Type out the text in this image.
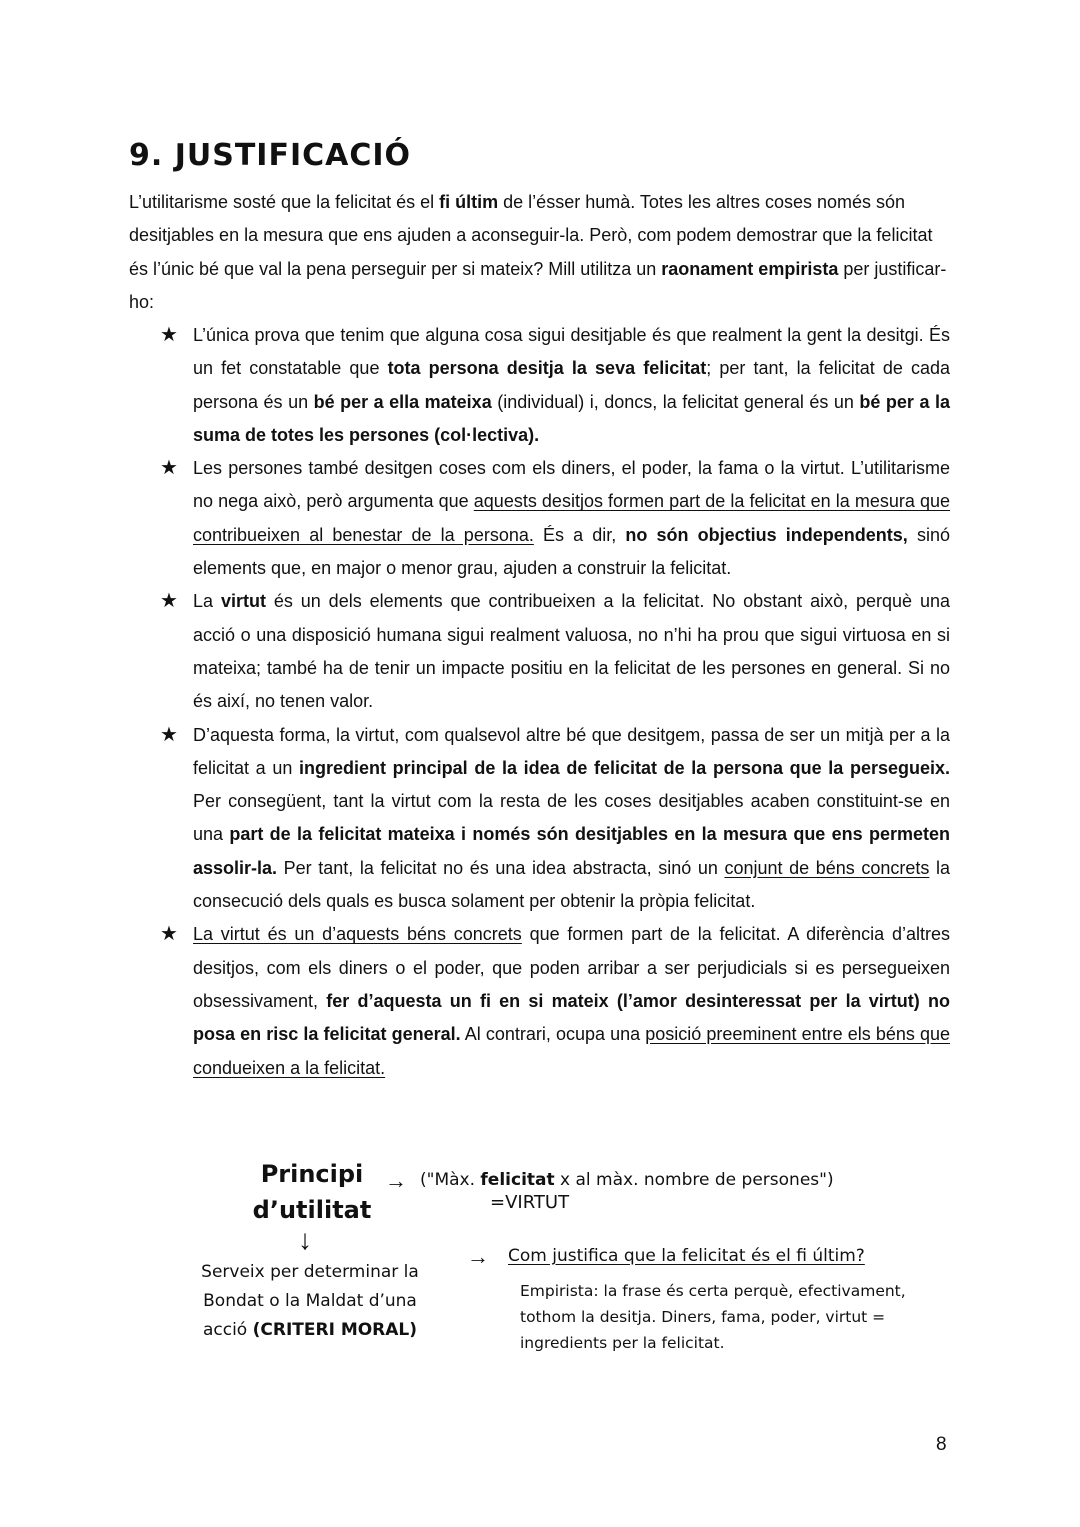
9. JUSTIFICACIÓ

L’utilitarisme sosté que la felicitat és el fi últim de l’ésser humà. Totes les altres coses només són desitjables en la mesura que ens ajuden a aconseguir-la. Però, com podem demostrar que la felicitat és l’únic bé que val la pena perseguir per si mateix? Mill utilitza un raonament empirista per justificar-ho:

★ L’única prova que tenim que alguna cosa sigui desitjable és que realment la gent la desitgi. És un fet constatable que tota persona desitja la seva felicitat; per tant, la felicitat de cada persona és un bé per a ella mateixa (individual) i, doncs, la felicitat general és un bé per a la suma de totes les persones (col·lectiva).
★ Les persones també desitgen coses com els diners, el poder, la fama o la virtut. L’utilitarisme no nega això, però argumenta que aquests desitjos formen part de la felicitat en la mesura que contribueixen al benestar de la persona. És a dir, no són objectius independents, sinó elements que, en major o menor grau, ajuden a construir la felicitat.
★ La virtut és un dels elements que contribueixen a la felicitat. No obstant això, perquè una acció o una disposició humana sigui realment valuosa, no n’hi ha prou que sigui virtuosa en si mateixa; també ha de tenir un impacte positiu en la felicitat de les persones en general. Si no és així, no tenen valor.
★ D’aquesta forma, la virtut, com qualsevol altre bé que desitgem, passa de ser un mitjà per a la felicitat a un ingredient principal de la idea de felicitat de la persona que la persegueix. Per consegüent, tant la virtut com la resta de les coses desitjables acaben constituint-se en una part de la felicitat mateixa i només són desitjables en la mesura que ens permeten assolir-la. Per tant, la felicitat no és una idea abstracta, sinó un conjunt de béns concrets la consecució dels quals es busca solament per obtenir la pròpia felicitat.
★ La virtut és un d’aquests béns concrets que formen part de la felicitat. A diferència d’altres desitjos, com els diners o el poder, que poden arribar a ser perjudicials si es persegueixen obsessivament, fer d’aquesta un fi en si mateix (l’amor desinteressat per la virtut) no posa en risc la felicitat general. Al contrari, ocupa una posició preeminent entre els béns que condueixen a la felicitat.
Principi
d’utilitat
→ ("Màx. felicitat x al màx. nombre de persones")
=VIRTUT
↓
Serveix per determinar la Bondat o la Maldat d’una acció (CRITERI MORAL)
→ Com justifica que la felicitat és el fi últim?
Empirista: la frase és certa perquè, efectivament, tothom la desitja. Diners, fama, poder, virtut = ingredients per la felicitat.
8
